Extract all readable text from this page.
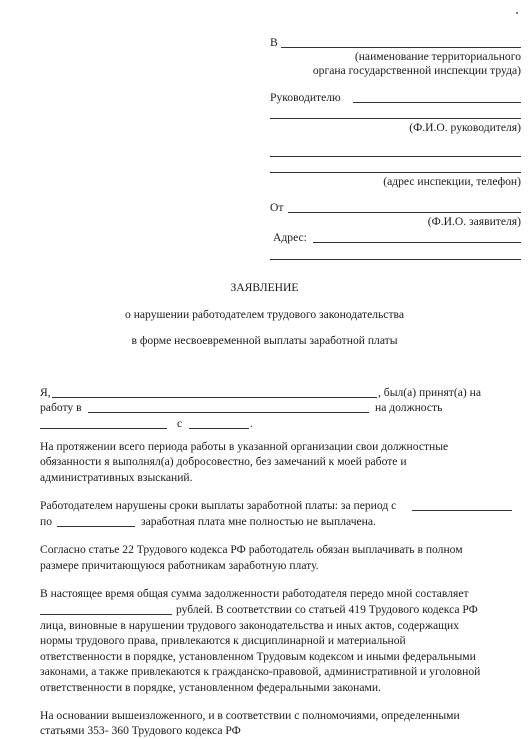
В
(наименование территориального
органа государственной инспекции труда)
Руководителю
(Ф.И.О. руководителя)
(адрес инспекции, телефон)
От
(Ф.И.О. заявителя)
Адрес:
ЗАЯВЛЕНИЕ
о нарушении работодателем трудового законодательства
в форме несвоевременной выплаты заработной платы
Я,	, был(а) принят(а) на
работу в	на должность
с	.
На протяжении всего периода работы в указанной организации свои должностные
обязанности я выполнял(а) добросовестно, без замечаний к моей работе и
административных взысканий.
Работодателем нарушены сроки выплаты заработной платы: за период с
по	заработная плата мне полностью не выплачена.
Согласно статье 22 Трудового кодекса РФ работодатель обязан выплачивать в полном
размере причитающуюся работникам заработную плату.
В настоящее время общая сумма задолженности работодателя передо мной составляет
рублей. В соответствии со статьей 419 Трудового кодекса РФ
лица, виновные в нарушении трудового законодательства и иных актов, содержащих
нормы трудового права, привлекаются к дисциплинарной и материальной
ответственности в порядке, установленном Трудовым кодексом и иными федеральными
законами, а также привлекаются к гражданско-правовой, административной и уголовной
ответственности в порядке, установленном федеральными законами.
На основании вышеизложенного, и в соответствии с полномочиями, определенными
статьями 353- 360 Трудового кодекса РФ
